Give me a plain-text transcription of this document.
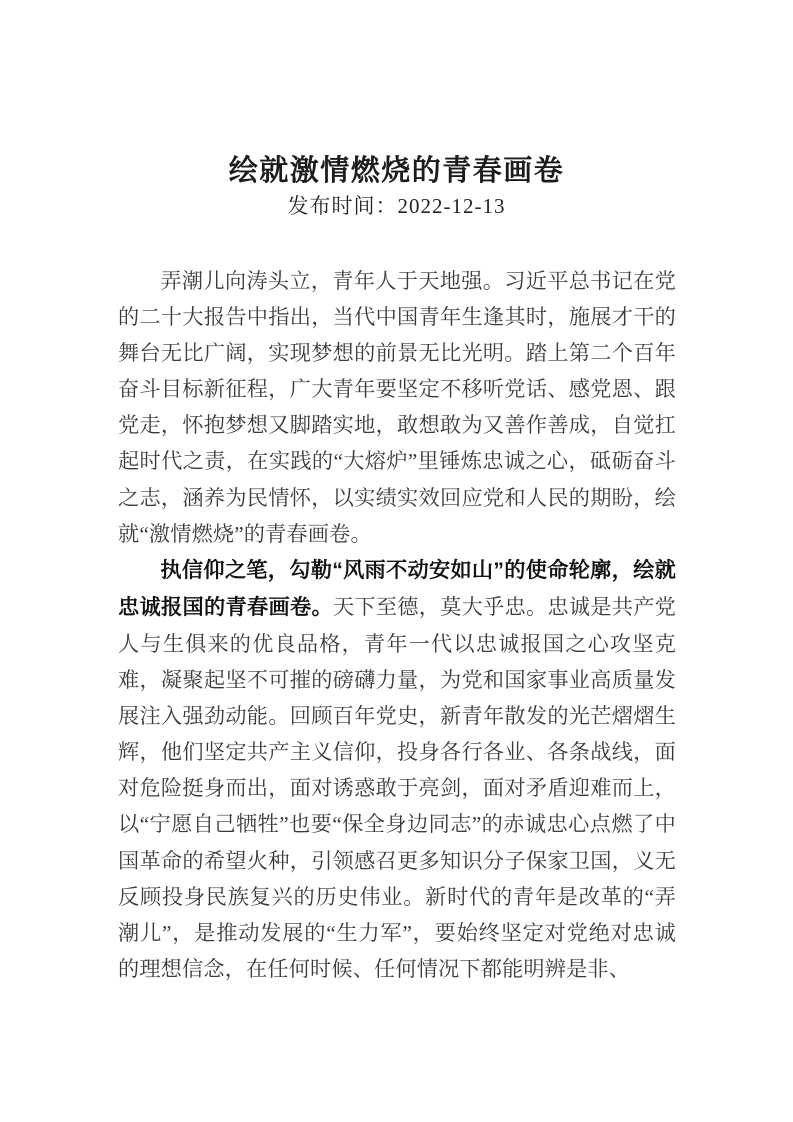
绘就激情燃烧的青春画卷
发布时间：2022-12-13

弄潮儿向涛头立，青年人于天地强。习近平总书记在党的二十大报告中指出，当代中国青年生逢其时，施展才干的舞台无比广阔，实现梦想的前景无比光明。踏上第二个百年奋斗目标新征程，广大青年要坚定不移听党话、感党恩、跟党走，怀抱梦想又脚踏实地，敢想敢为又善作善成，自觉扛起时代之责，在实践的“大熔炉”里锤炼忠诚之心，砥砺奋斗之志，涵养为民情怀，以实绩实效回应党和人民的期盼，绘就“激情燃烧”的青春画卷。

执信仰之笔，勾勒“风雨不动安如山”的使命轮廓，绘就忠诚报国的青春画卷。天下至德，莫大乎忠。忠诚是共产党人与生俱来的优良品格，青年一代以忠诚报国之心攻坚克难，凝聚起坚不可摧的磅礴力量，为党和国家事业高质量发展注入强劲动能。回顾百年党史，新青年散发的光芒熠熠生辉，他们坚定共产主义信仰，投身各行各业、各条战线，面对危险挺身而出，面对诱惑敢于亮剑，面对矛盾迎难而上，以“宁愿自己牺牲”也要“保全身边同志”的赤诚忠心点燃了中国革命的希望火种，引领感召更多知识分子保家卫国，义无反顾投身民族复兴的历史伟业。新时代的青年是改革的“弄潮儿”，是推动发展的“生力军”，要始终坚定对党绝对忠诚的理想信念，在任何时候、任何情况下都能明辨是非、
